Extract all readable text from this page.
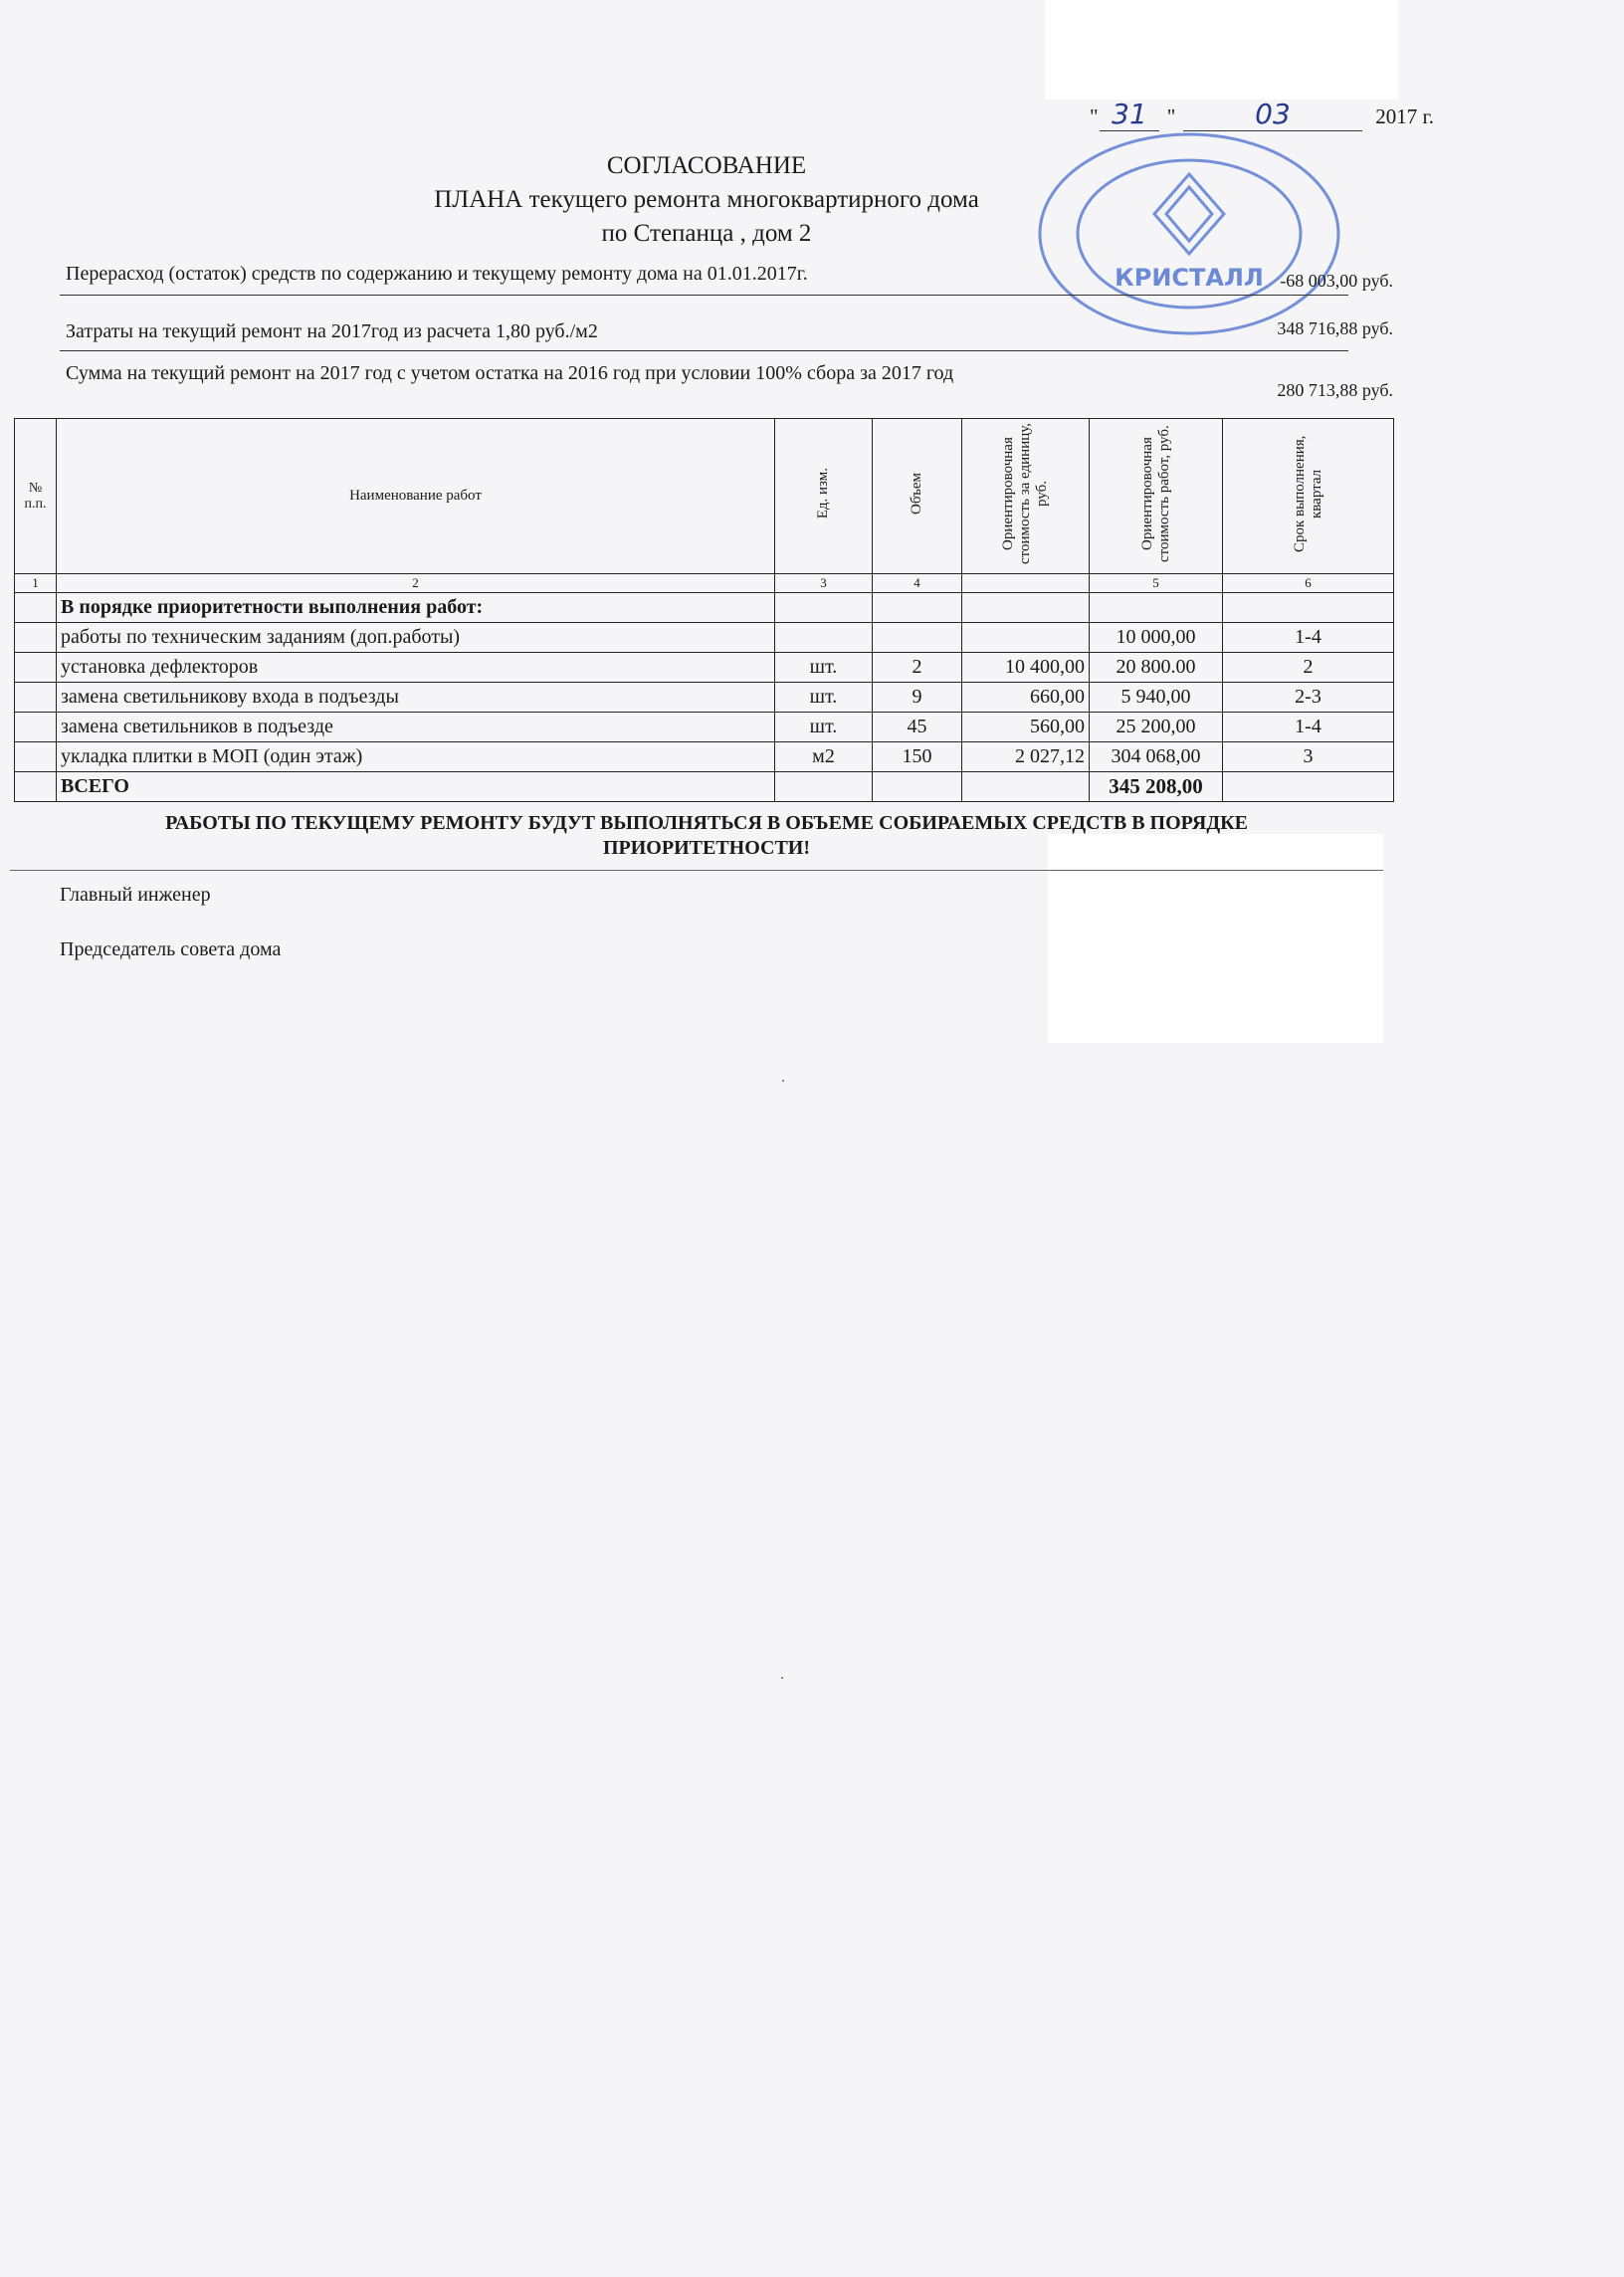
" 31 "	03	2017 г.
КРИСТАЛЛ
СОГЛАСОВАНИЕ
ПЛАНА текущего ремонта многоквартирного дома
по Степанца , дом 2
Перерасход (остаток) средств по содержанию и текущему ремонту дома на 01.01.2017г.	-68 003,00 руб.
Затраты на текущий ремонт на 2017год из расчета 1,80 руб./м2	348 716,88 руб.
Сумма на текущий ремонт на 2017 год с учетом остатка на 2016 год при условии 100% сбора за 2017 год
280 713,88 руб.
№ п.п.	Наименование работ	Ед. изм.	Объем	Ориентировочная стоимость за единицу, руб.	Ориентировочная стоимость работ, руб.	Срок выполнения, квартал
1	2	3	4		5	6
	В порядке приоритетности выполнения работ:					
	работы по техническим заданиям (доп.работы)				10 000,00	1-4
	установка дефлекторов	шт.	2	10 400,00	20 800.00	2
	замена светильникову входа в подъезды	шт.	9	660,00	5 940,00	2-3
	замена светильников в подъезде	шт.	45	560,00	25 200,00	1-4
	укладка плитки в МОП (один этаж)	м2	150	2 027,12	304 068,00	3
	ВСЕГО				345 208,00	
РАБОТЫ ПО ТЕКУЩЕМУ РЕМОНТУ БУДУТ ВЫПОЛНЯТЬСЯ В ОБЪЕМЕ СОБИРАЕМЫХ СРЕДСТВ В ПОРЯДКЕ
ПРИОРИТЕТНОСТИ!
Главный инженер
Председатель совета дома
